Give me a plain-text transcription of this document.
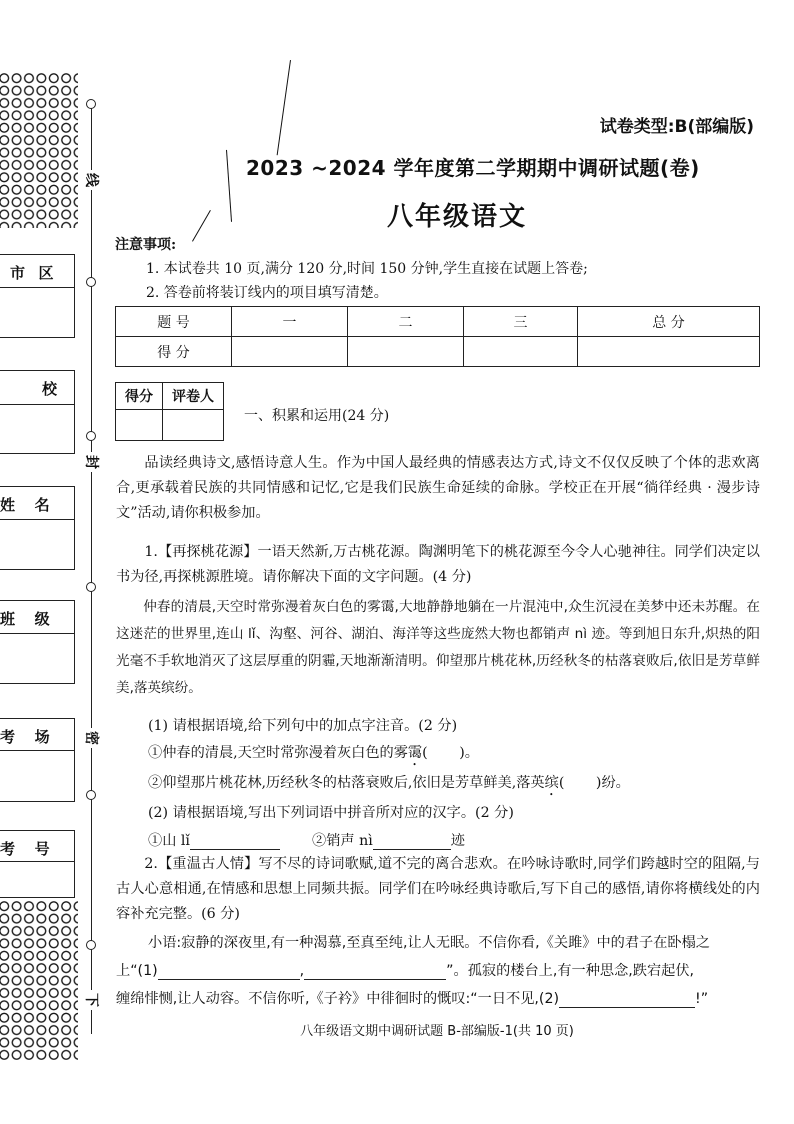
线
封
密
下
市  区
校
姓   名
班   级
考   场
考   号
试卷类型:B(部编版)
2023 ~2024 学年度第二学期期中调研试题(卷)
八年级语文
注意事项:
1. 本试卷共 10 页,满分 120 分,时间 150 分钟,学生直接在试题上答卷;
2. 答卷前将装订线内的项目填写清楚。
题 号	一	二	三	总 分
得 分				
得分	评卷人

一、积累和运用(24 分)
品读经典诗文,感悟诗意人生。作为中国人最经典的情感表达方式,诗文不仅仅反映了个体的悲欢离合,更承载着民族的共同情感和记忆,它是我们民族生命延续的命脉。学校正在开展“徜徉经典 · 漫步诗文”活动,请你积极参加。
1.【再探桃花源】一语天然新,万古桃花源。陶渊明笔下的桃花源至今令人心驰神往。同学们决定以书为径,再探桃源胜境。请你解决下面的文字问题。(4 分)
仲春的清晨,天空时常弥漫着灰白色的雾霭,大地静静地躺在一片混沌中,众生沉浸在美梦中还未苏醒。在这迷茫的世界里,连山 lǐ、沟壑、河谷、湖泊、海洋等这些庞然大物也都销声 nì 迹。等到旭日东升,炽热的阳光毫不手软地消灭了这层厚重的阴霾,天地渐渐清明。仰望那片桃花林,历经秋冬的枯落衰败后,依旧是芳草鲜美,落英缤纷。
(1) 请根据语境,给下列句中的加点字注音。(2 分)
①仲春的清晨,天空时常弥漫着灰白色的雾霭(       )。
②仰望那片桃花林,历经秋冬的枯落衰败后,依旧是芳草鲜美,落英缤(       )纷。
(2) 请根据语境,写出下列词语中拼音所对应的汉字。(2 分)
①山 lǐ	②销声 nì	迹
2.【重温古人情】写不尽的诗词歌赋,道不完的离合悲欢。在吟咏诗歌时,同学们跨越时空的阻隔,与古人心意相通,在情感和思想上同频共振。同学们在吟咏经典诗歌后,写下自己的感悟,请你将横线处的内容补充完整。(6 分)
小语:寂静的深夜里,有一种渴慕,至真至纯,让人无眠。不信你看,《关雎》中的君子在卧榻之
上“(1)	,	”。孤寂的楼台上,有一种思念,跌宕起伏,
缠绵悱恻,让人动容。不信你听,《子衿》中徘徊时的慨叹:“一日不见,(2)	!”
八年级语文期中调研试题 B-部编版-1(共 10 页)
